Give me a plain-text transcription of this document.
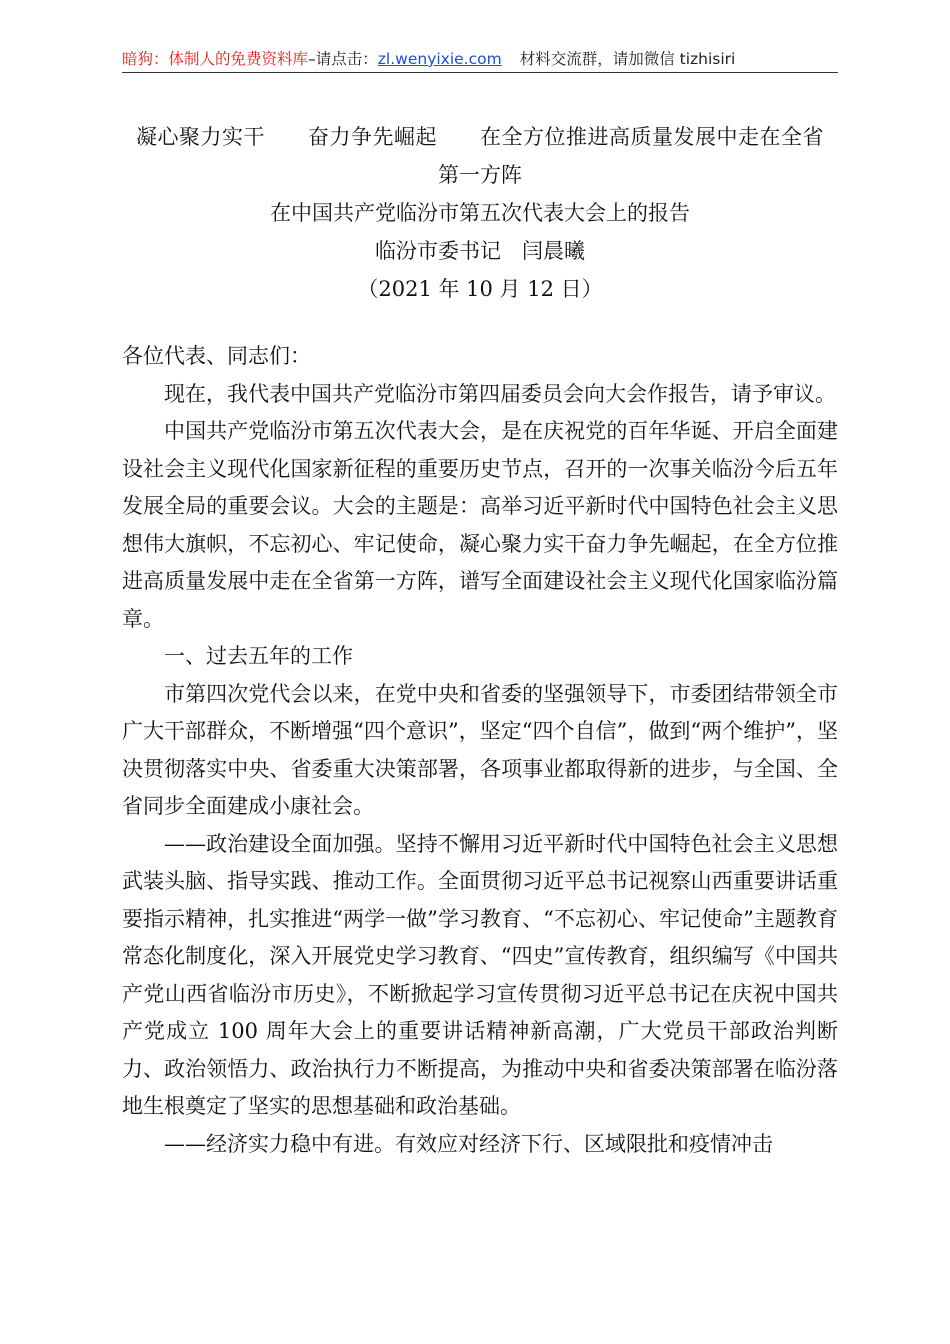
暗狗：体制人的免费资料库–请点击：zl.wenyixie.com 材料交流群，请加微信 tizhisiri
凝心聚力实干　　奋力争先崛起　　在全方位推进高质量发展中走在全省
第一方阵
在中国共产党临汾市第五次代表大会上的报告
临汾市委书记　闫晨曦
（2021 年 10 月 12 日）

各位代表、同志们：

现在，我代表中国共产党临汾市第四届委员会向大会作报告，请予审议。

中国共产党临汾市第五次代表大会，是在庆祝党的百年华诞、开启全面建设社会主义现代化国家新征程的重要历史节点，召开的一次事关临汾今后五年发展全局的重要会议。大会的主题是：高举习近平新时代中国特色社会主义思想伟大旗帜，不忘初心、牢记使命，凝心聚力实干奋力争先崛起，在全方位推进高质量发展中走在全省第一方阵，谱写全面建设社会主义现代化国家临汾篇章。

一、过去五年的工作

市第四次党代会以来，在党中央和省委的坚强领导下，市委团结带领全市广大干部群众，不断增强“四个意识”，坚定“四个自信”，做到“两个维护”，坚决贯彻落实中央、省委重大决策部署，各项事业都取得新的进步，与全国、全省同步全面建成小康社会。

——政治建设全面加强。坚持不懈用习近平新时代中国特色社会主义思想武装头脑、指导实践、推动工作。全面贯彻习近平总书记视察山西重要讲话重要指示精神，扎实推进“两学一做”学习教育、“不忘初心、牢记使命”主题教育常态化制度化，深入开展党史学习教育、“四史”宣传教育，组织编写《中国共产党山西省临汾市历史》，不断掀起学习宣传贯彻习近平总书记在庆祝中国共产党成立 100 周年大会上的重要讲话精神新高潮，广大党员干部政治判断力、政治领悟力、政治执行力不断提高，为推动中央和省委决策部署在临汾落地生根奠定了坚实的思想基础和政治基础。

——经济实力稳中有进。有效应对经济下行、区域限批和疫情冲击
